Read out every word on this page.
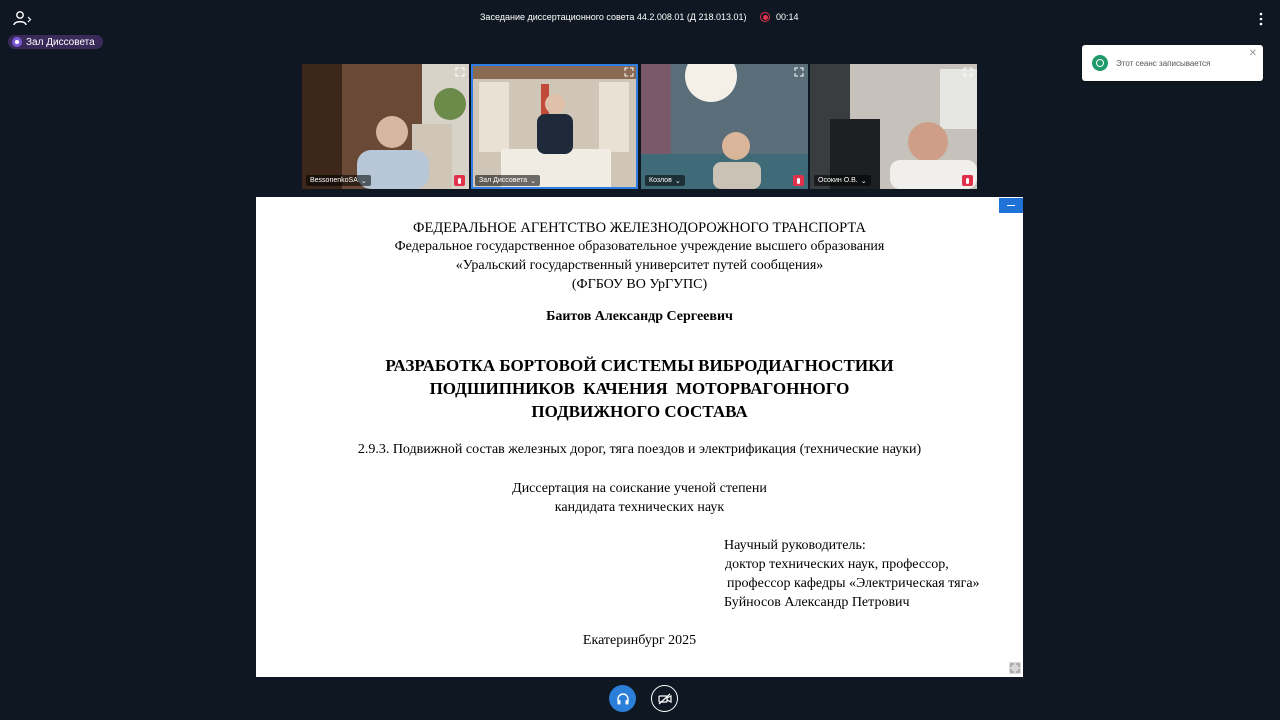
Зал Диссовета
Заседание диссертационного совета 44.2.008.01 (Д 218.013.01)	00:14
Этот сеанс записывается
✕
BessonenkoSA ⌄	Зал Диссовета ⌄	Козлов ⌄	Осокин О.В. ⌄
ФЕДЕРАЛЬНОЕ АГЕНТСТВО ЖЕЛЕЗНОДОРОЖНОГО ТРАНСПОРТА
Федеральное государственное образовательное учреждение высшего образования
«Уральский государственный университет путей сообщения»
(ФГБОУ ВО УрГУПС)
Баитов Александр Сергеевич
РАЗРАБОТКА БОРТОВОЙ СИСТЕМЫ ВИБРОДИАГНОСТИКИ
ПОДШИПНИКОВ КАЧЕНИЯ МОТОРВАГОННОГО
ПОДВИЖНОГО СОСТАВА
2.9.3. Подвижной состав железных дорог, тяга поездов и электрификация (технические науки)
Диссертация на соискание ученой степени
кандидата технических наук
Научный руководитель:
доктор технических наук, профессор,
профессор кафедры «Электрическая тяга»
Буйносов Александр Петрович
Екатеринбург 2025
